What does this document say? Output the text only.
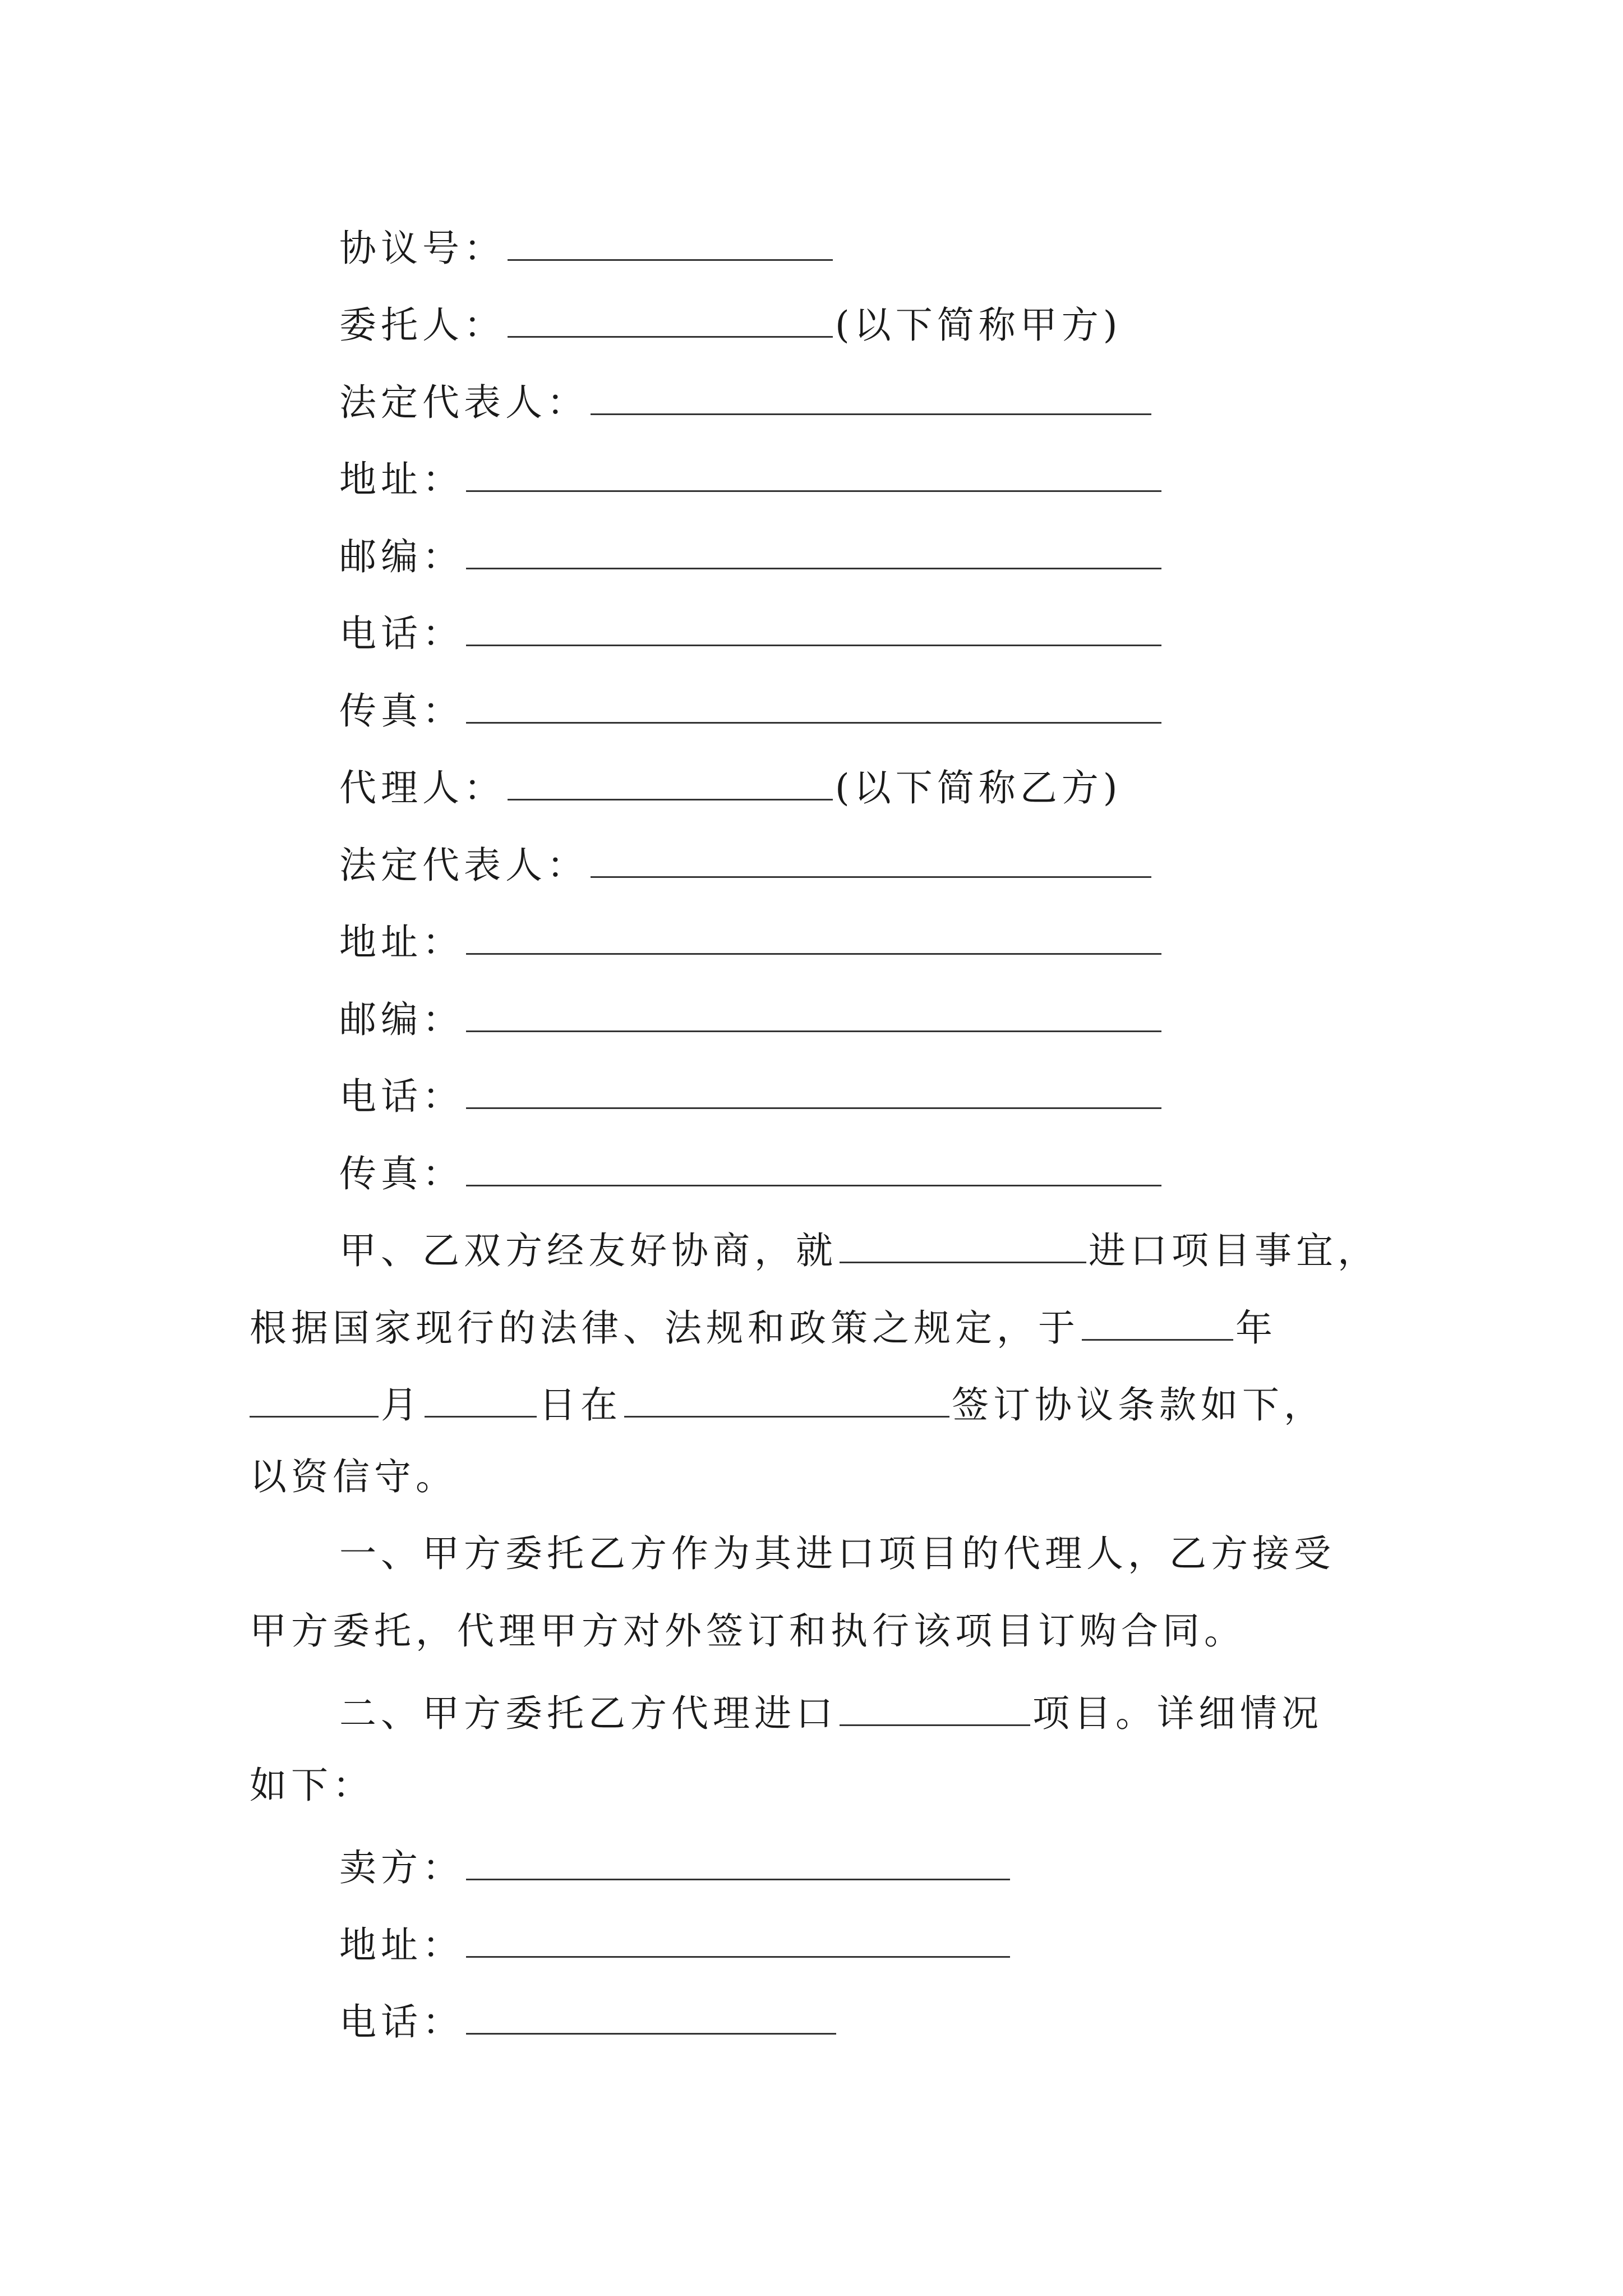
协议号：
委托人：	(以下简称甲方)
法定代表人：
地址：
邮编：
电话：
传真：
代理人：	(以下简称乙方)
法定代表人：
地址：
邮编：
电话：
传真：
甲、乙双方经友好协商，就	进口项目事宜，
根据国家现行的法律、法规和政策之规定，于	年
月	日在	签订协议条款如下，
以资信守。
一、甲方委托乙方作为其进口项目的代理人，乙方接受
甲方委托，代理甲方对外签订和执行该项目订购合同。
二、甲方委托乙方代理进口	项目。详细情况
如下：
卖方：
地址：
电话：
